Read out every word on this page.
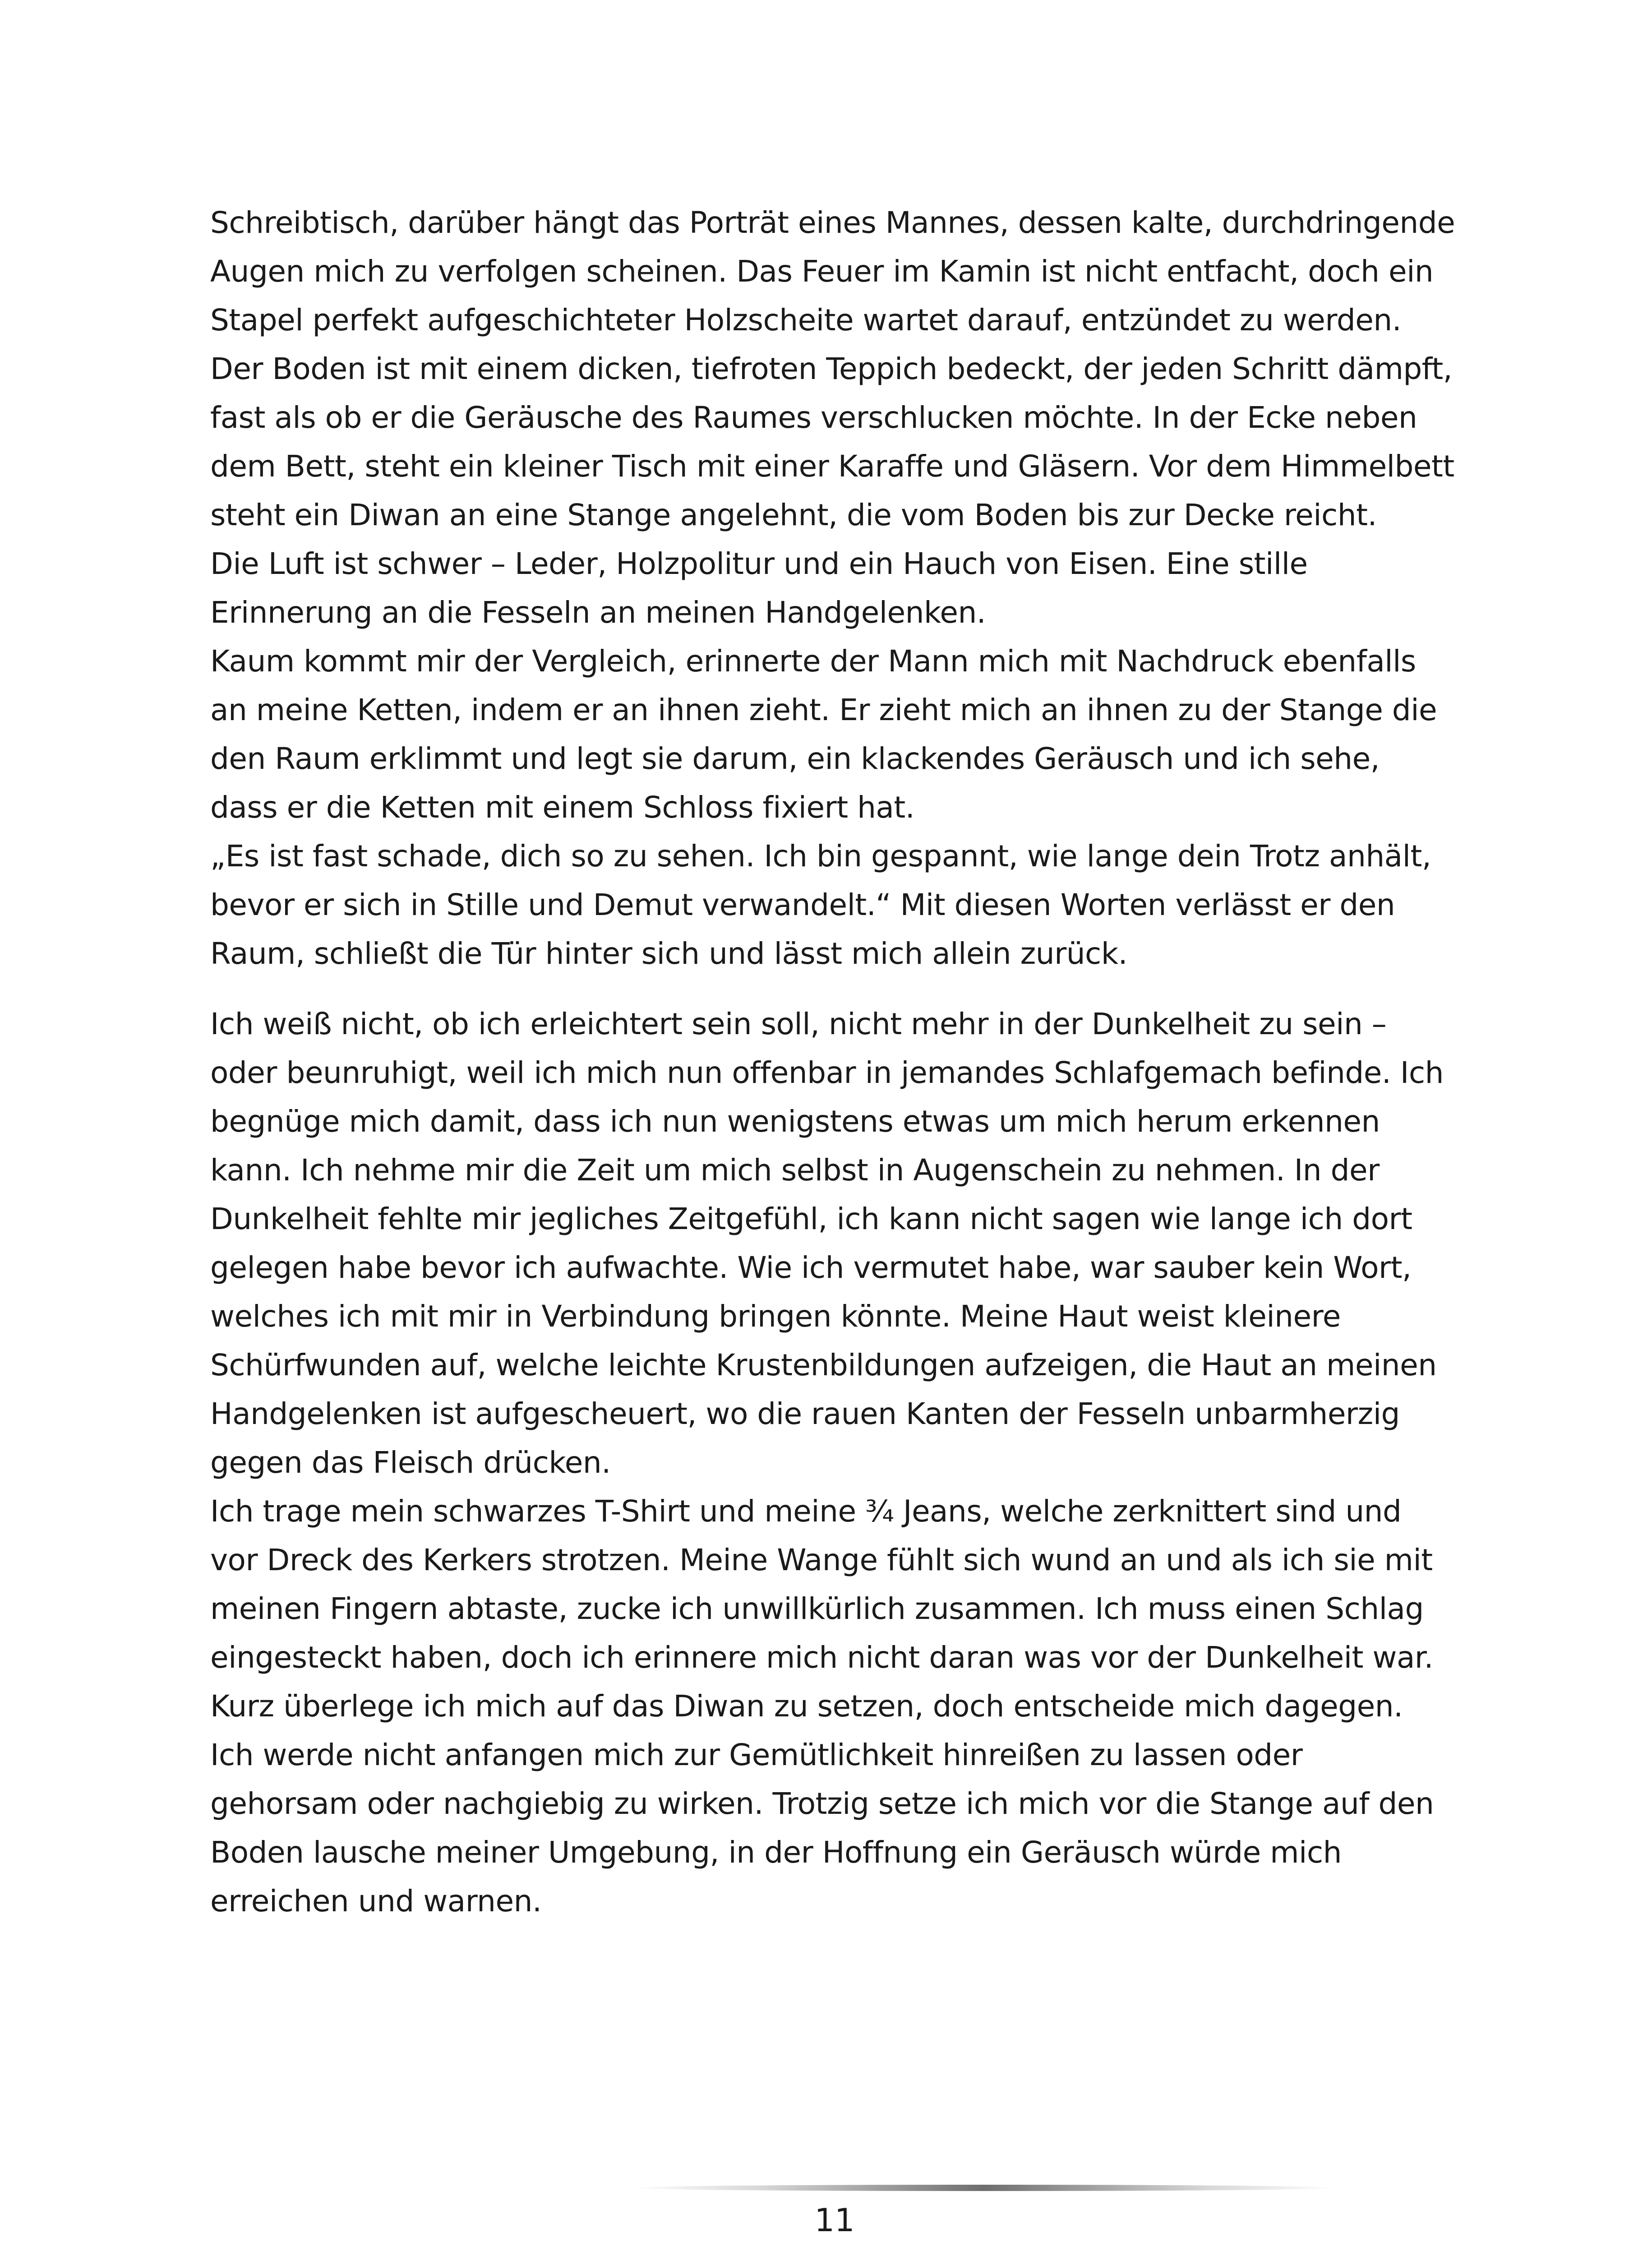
Schreibtisch, darüber hängt das Porträt eines Mannes, dessen kalte, durchdringende Augen mich zu verfolgen scheinen. Das Feuer im Kamin ist nicht entfacht, doch ein Stapel perfekt aufgeschichteter Holzscheite wartet darauf, entzündet zu werden.

Der Boden ist mit einem dicken, tiefroten Teppich bedeckt, der jeden Schritt dämpft, fast als ob er die Geräusche des Raumes verschlucken möchte. In der Ecke neben dem Bett, steht ein kleiner Tisch mit einer Karaffe und Gläsern. Vor dem Himmelbett steht ein Diwan an eine Stange angelehnt, die vom Boden bis zur Decke reicht.

Die Luft ist schwer – Leder, Holzpolitur und ein Hauch von Eisen. Eine stille Erinnerung an die Fesseln an meinen Handgelenken.

Kaum kommt mir der Vergleich, erinnerte der Mann mich mit Nachdruck ebenfalls an meine Ketten, indem er an ihnen zieht. Er zieht mich an ihnen zu der Stange die den Raum erklimmt und legt sie darum, ein klackendes Geräusch und ich sehe, dass er die Ketten mit einem Schloss fixiert hat.

„Es ist fast schade, dich so zu sehen. Ich bin gespannt, wie lange dein Trotz anhält, bevor er sich in Stille und Demut verwandelt.“ Mit diesen Worten verlässt er den Raum, schließt die Tür hinter sich und lässt mich allein zurück.

Ich weiß nicht, ob ich erleichtert sein soll, nicht mehr in der Dunkelheit zu sein – oder beunruhigt, weil ich mich nun offenbar in jemandes Schlafgemach befinde. Ich begnüge mich damit, dass ich nun wenigstens etwas um mich herum erkennen kann. Ich nehme mir die Zeit um mich selbst in Augenschein zu nehmen. In der Dunkelheit fehlte mir jegliches Zeitgefühl, ich kann nicht sagen wie lange ich dort gelegen habe bevor ich aufwachte. Wie ich vermutet habe, war sauber kein Wort, welches ich mit mir in Verbindung bringen könnte. Meine Haut weist kleinere Schürfwunden auf, welche leichte Krustenbildungen aufzeigen, die Haut an meinen Handgelenken ist aufgescheuert, wo die rauen Kanten der Fesseln unbarmherzig gegen das Fleisch drücken.

Ich trage mein schwarzes T-Shirt und meine ¾ Jeans, welche zerknittert sind und vor Dreck des Kerkers strotzen. Meine Wange fühlt sich wund an und als ich sie mit meinen Fingern abtaste, zucke ich unwillkürlich zusammen. Ich muss einen Schlag eingesteckt haben, doch ich erinnere mich nicht daran was vor der Dunkelheit war. Kurz überlege ich mich auf das Diwan zu setzen, doch entscheide mich dagegen. Ich werde nicht anfangen mich zur Gemütlichkeit hinreißen zu lassen oder gehorsam oder nachgiebig zu wirken. Trotzig setze ich mich vor die Stange auf den Boden lausche meiner Umgebung, in der Hoffnung ein Geräusch würde mich erreichen und warnen.

11
